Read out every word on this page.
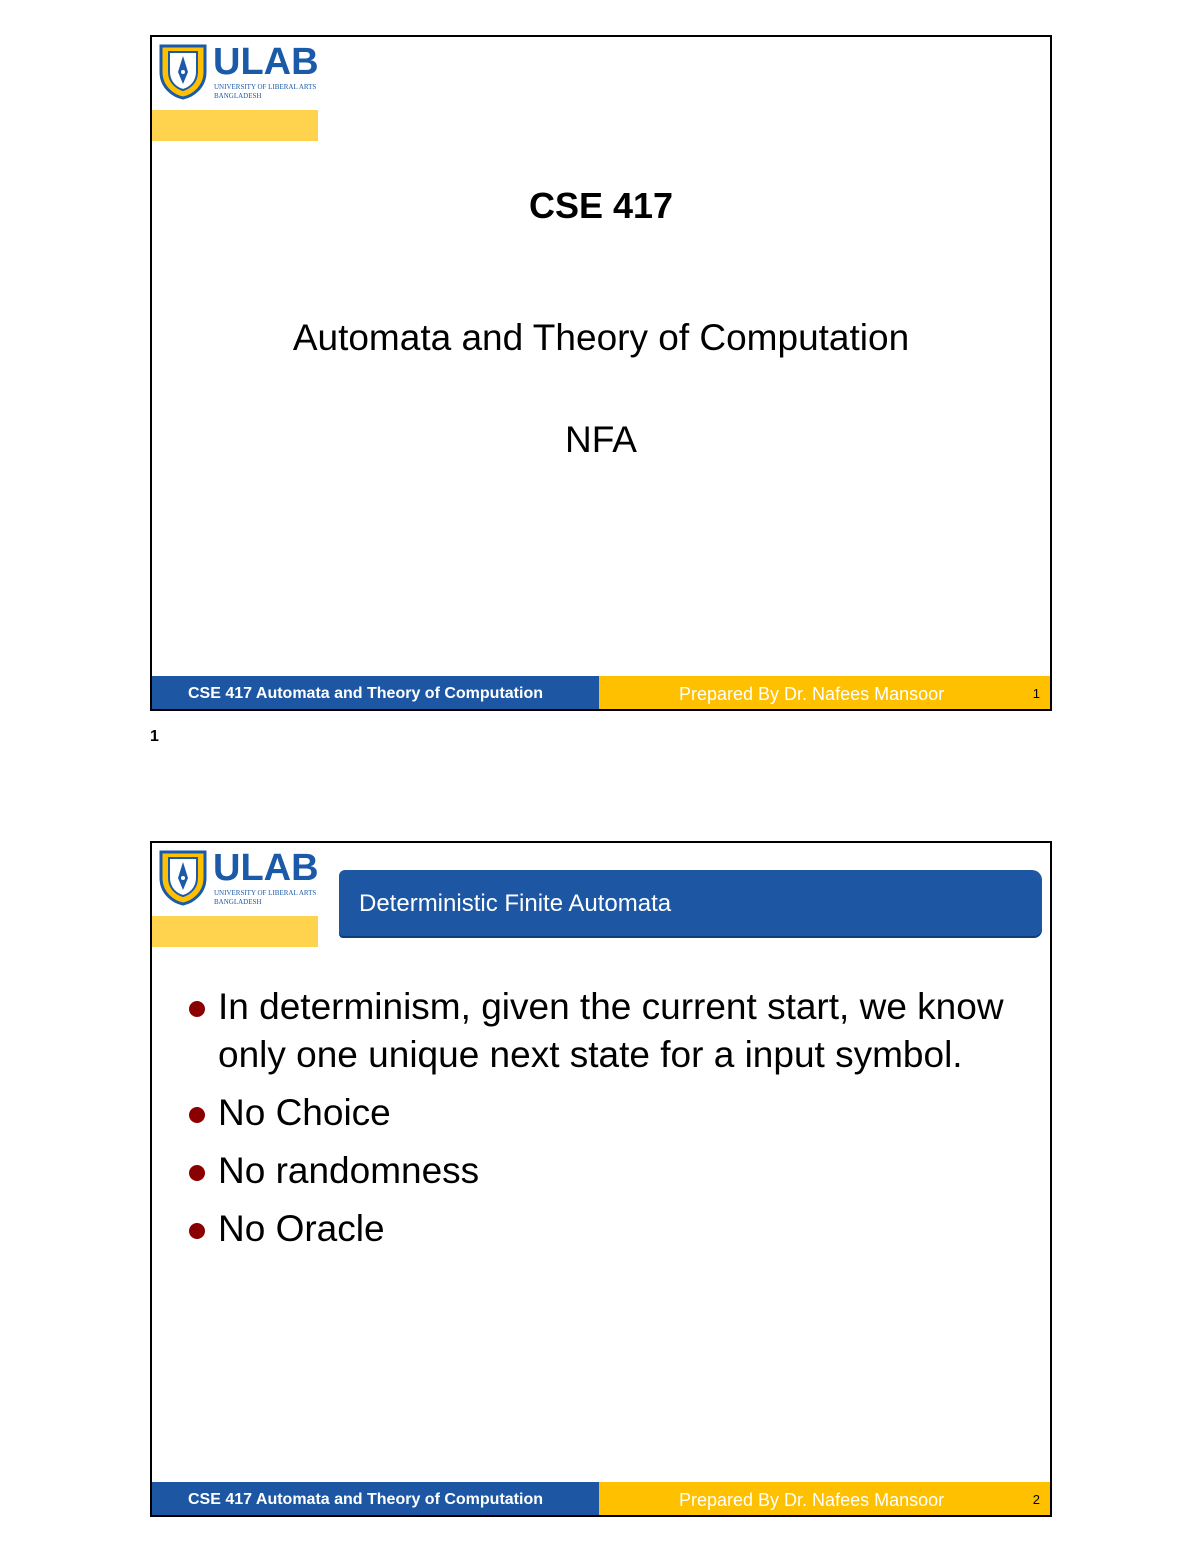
ULAB
UNIVERSITY OF LIBERAL ARTS
BANGLADESH
CSE 417
Automata and Theory of Computation
NFA
CSE 417 Automata and Theory of Computation	Prepared By Dr. Nafees Mansoor	1
1
ULAB
UNIVERSITY OF LIBERAL ARTS
BANGLADESH	Deterministic Finite Automata
In determinism, given the current start, we know only one unique next state for a input symbol.
No Choice
No randomness
No Oracle
CSE 417 Automata and Theory of Computation	Prepared By Dr. Nafees Mansoor	2
